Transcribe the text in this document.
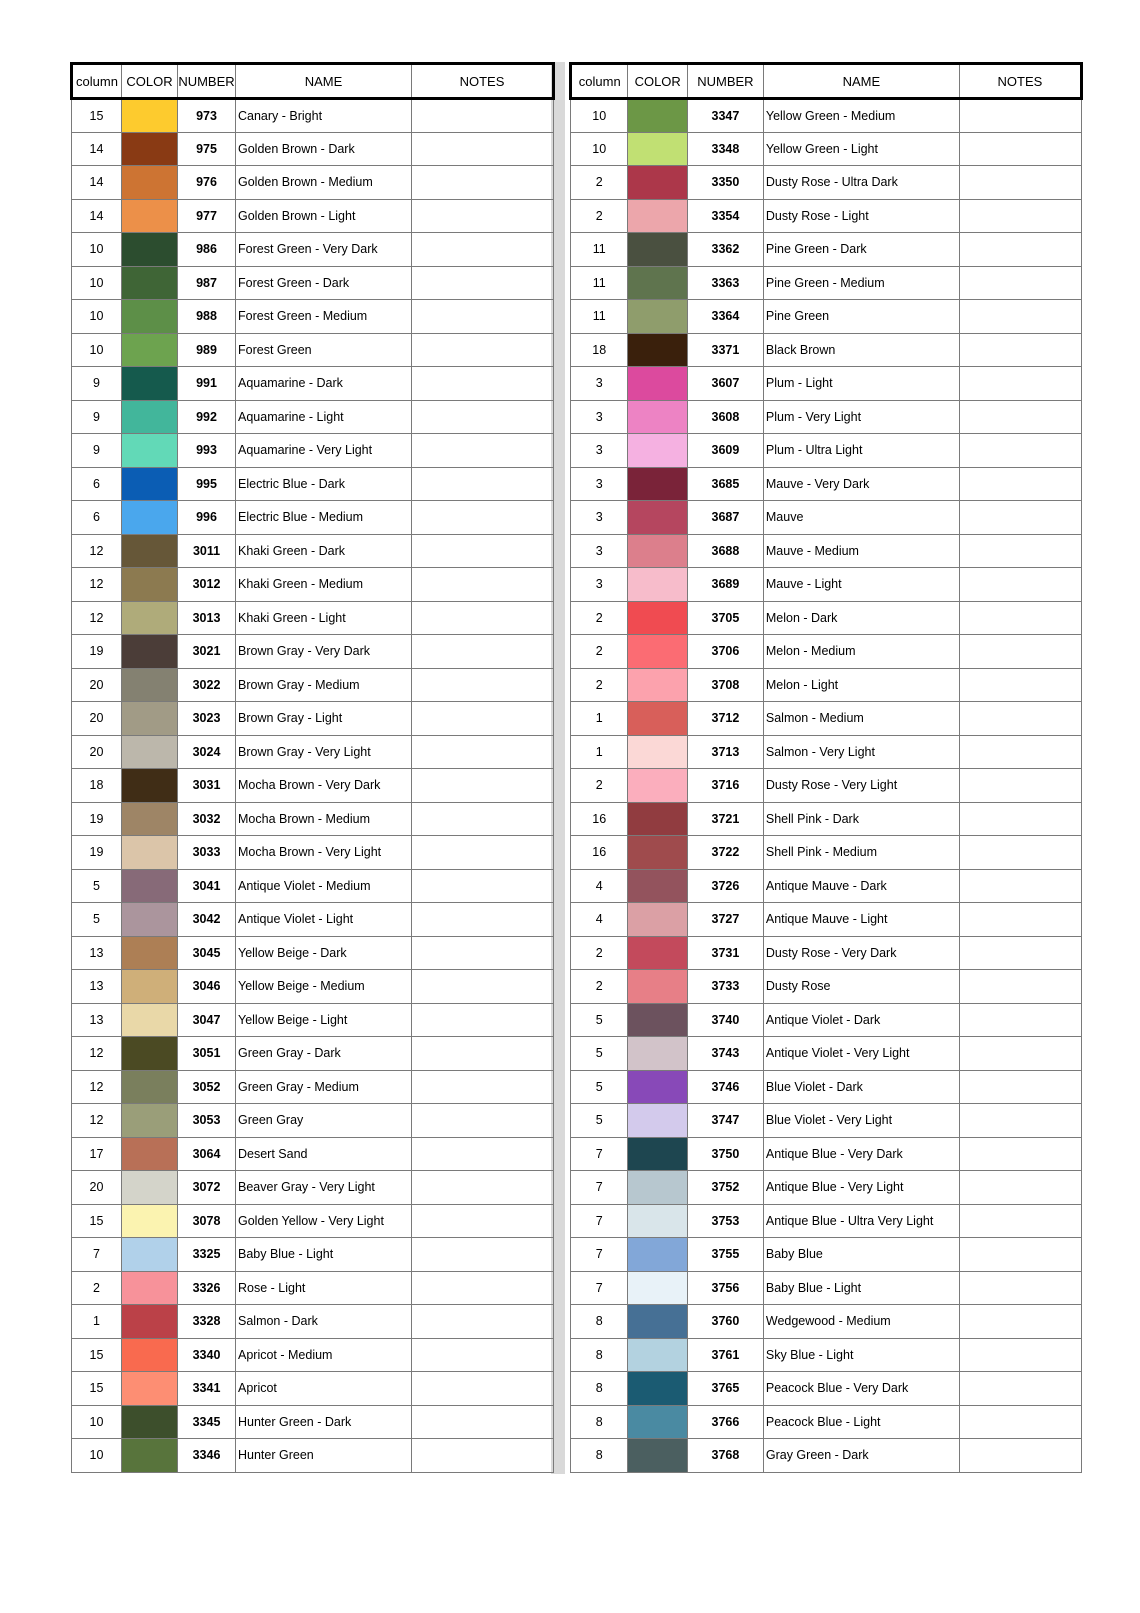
column	COLOR	NUMBER	NAME	NOTES
15		973	Canary - Bright	
14		975	Golden Brown - Dark	
14		976	Golden Brown - Medium	
14		977	Golden Brown - Light	
10		986	Forest Green - Very Dark	
10		987	Forest Green - Dark	
10		988	Forest Green - Medium	
10		989	Forest Green	
9		991	Aquamarine - Dark	
9		992	Aquamarine - Light	
9		993	Aquamarine - Very Light	
6		995	Electric Blue - Dark	
6		996	Electric Blue - Medium	
12		3011	Khaki Green - Dark	
12		3012	Khaki Green - Medium	
12		3013	Khaki Green - Light	
19		3021	Brown Gray - Very Dark	
20		3022	Brown Gray - Medium	
20		3023	Brown Gray - Light	
20		3024	Brown Gray - Very Light	
18		3031	Mocha Brown - Very Dark	
19		3032	Mocha Brown - Medium	
19		3033	Mocha Brown - Very Light	
5		3041	Antique Violet - Medium	
5		3042	Antique Violet - Light	
13		3045	Yellow Beige - Dark	
13		3046	Yellow Beige - Medium	
13		3047	Yellow Beige - Light	
12		3051	Green Gray - Dark	
12		3052	Green Gray - Medium	
12		3053	Green Gray	
17		3064	Desert Sand	
20		3072	Beaver Gray - Very Light	
15		3078	Golden Yellow - Very Light	
7		3325	Baby Blue - Light	
2		3326	Rose - Light	
1		3328	Salmon - Dark	
15		3340	Apricot - Medium	
15		3341	Apricot	
10		3345	Hunter Green - Dark	
10		3346	Hunter Green	
column	COLOR	NUMBER	NAME	NOTES
10		3347	Yellow Green - Medium	
10		3348	Yellow Green - Light	
2		3350	Dusty Rose - Ultra Dark	
2		3354	Dusty Rose - Light	
11		3362	Pine Green - Dark	
11		3363	Pine Green - Medium	
11		3364	Pine Green	
18		3371	Black Brown	
3		3607	Plum - Light	
3		3608	Plum - Very Light	
3		3609	Plum - Ultra Light	
3		3685	Mauve - Very Dark	
3		3687	Mauve	
3		3688	Mauve - Medium	
3		3689	Mauve - Light	
2		3705	Melon - Dark	
2		3706	Melon - Medium	
2		3708	Melon - Light	
1		3712	Salmon - Medium	
1		3713	Salmon - Very Light	
2		3716	Dusty Rose - Very Light	
16		3721	Shell Pink - Dark	
16		3722	Shell Pink - Medium	
4		3726	Antique Mauve - Dark	
4		3727	Antique Mauve - Light	
2		3731	Dusty Rose - Very Dark	
2		3733	Dusty Rose	
5		3740	Antique Violet - Dark	
5		3743	Antique Violet - Very Light	
5		3746	Blue Violet - Dark	
5		3747	Blue Violet - Very Light	
7		3750	Antique Blue - Very Dark	
7		3752	Antique Blue - Very Light	
7		3753	Antique Blue - Ultra Very Light	
7		3755	Baby Blue	
7		3756	Baby Blue - Light	
8		3760	Wedgewood - Medium	
8		3761	Sky Blue - Light	
8		3765	Peacock Blue - Very Dark	
8		3766	Peacock Blue - Light	
8		3768	Gray Green - Dark	
